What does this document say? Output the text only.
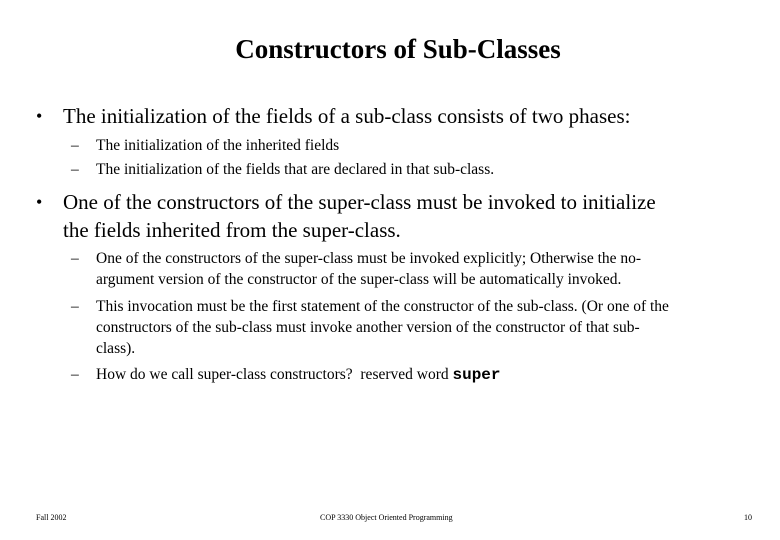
Constructors of Sub-Classes
• The initialization of the fields of a sub-class consists of two phases:
– The initialization of the inherited fields
– The initialization of the fields that are declared in that sub-class.
• One of the constructors of the super-class must be invoked to initialize
the fields inherited from the super-class.
– One of the constructors of the super-class must be invoked explicitly; Otherwise the no-
argument version of the constructor of the super-class will be automatically invoked.
– This invocation must be the first statement of the constructor of the sub-class. (Or one of the
constructors of the sub-class must invoke another version of the constructor of that sub-
class).
– How do we call super-class constructors?  reserved word super
Fall 2002	COP 3330 Object Oriented Programming	10
